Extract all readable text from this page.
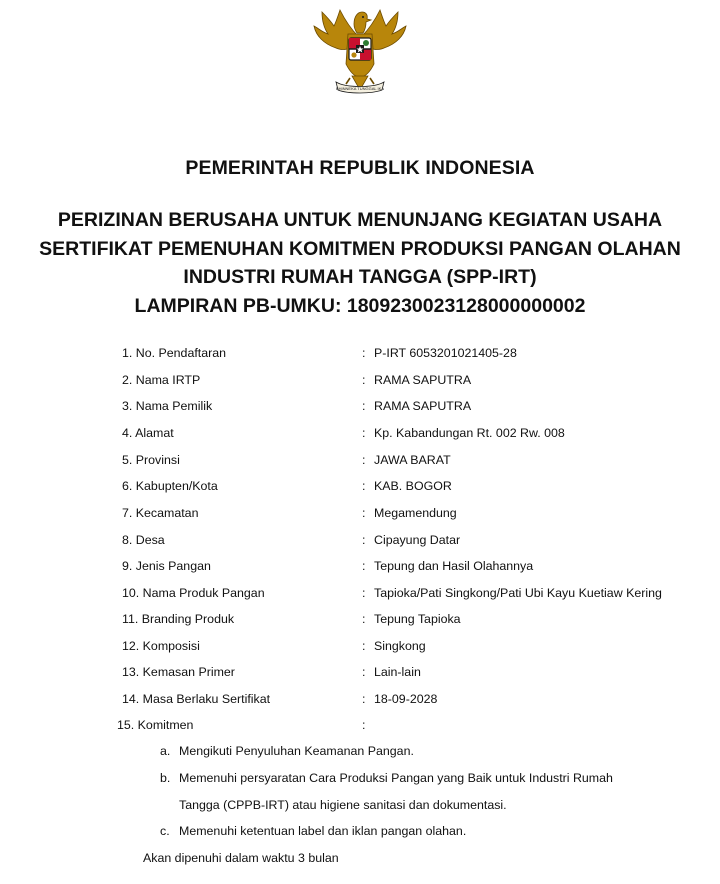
BHINNEKA TUNGGAL IKA
PEMERINTAH REPUBLIK INDONESIA
PERIZINAN BERUSAHA UNTUK MENUNJANG KEGIATAN USAHA
SERTIFIKAT PEMENUHAN KOMITMEN PRODUKSI PANGAN OLAHAN
INDUSTRI RUMAH TANGGA (SPP-IRT)
LAMPIRAN PB-UMKU: 1809230023128000000002
1. No. Pendaftaran	: P-IRT 6053201021405-28
2. Nama IRTP	: RAMA SAPUTRA
3. Nama Pemilik	: RAMA SAPUTRA
4. Alamat	: Kp. Kabandungan Rt. 002 Rw. 008
5. Provinsi	: JAWA BARAT
6. Kabupten/Kota	: KAB. BOGOR
7. Kecamatan	: Megamendung
8. Desa	: Cipayung Datar
9. Jenis Pangan	: Tepung dan Hasil Olahannya
10. Nama Produk Pangan	: Tapioka/Pati Singkong/Pati Ubi Kayu Kuetiaw Kering
11. Branding Produk	: Tepung Tapioka
12. Komposisi	: Singkong
13. Kemasan Primer	: Lain-lain
14. Masa Berlaku Sertifikat	: 18-09-2028
15. Komitmen	:
a. Mengikuti Penyuluhan Keamanan Pangan.
b. Memenuhi persyaratan Cara Produksi Pangan yang Baik untuk Industri Rumah
Tangga (CPPB-IRT) atau higiene sanitasi dan dokumentasi.
c. Memenuhi ketentuan label dan iklan pangan olahan.
Akan dipenuhi dalam waktu 3 bulan
